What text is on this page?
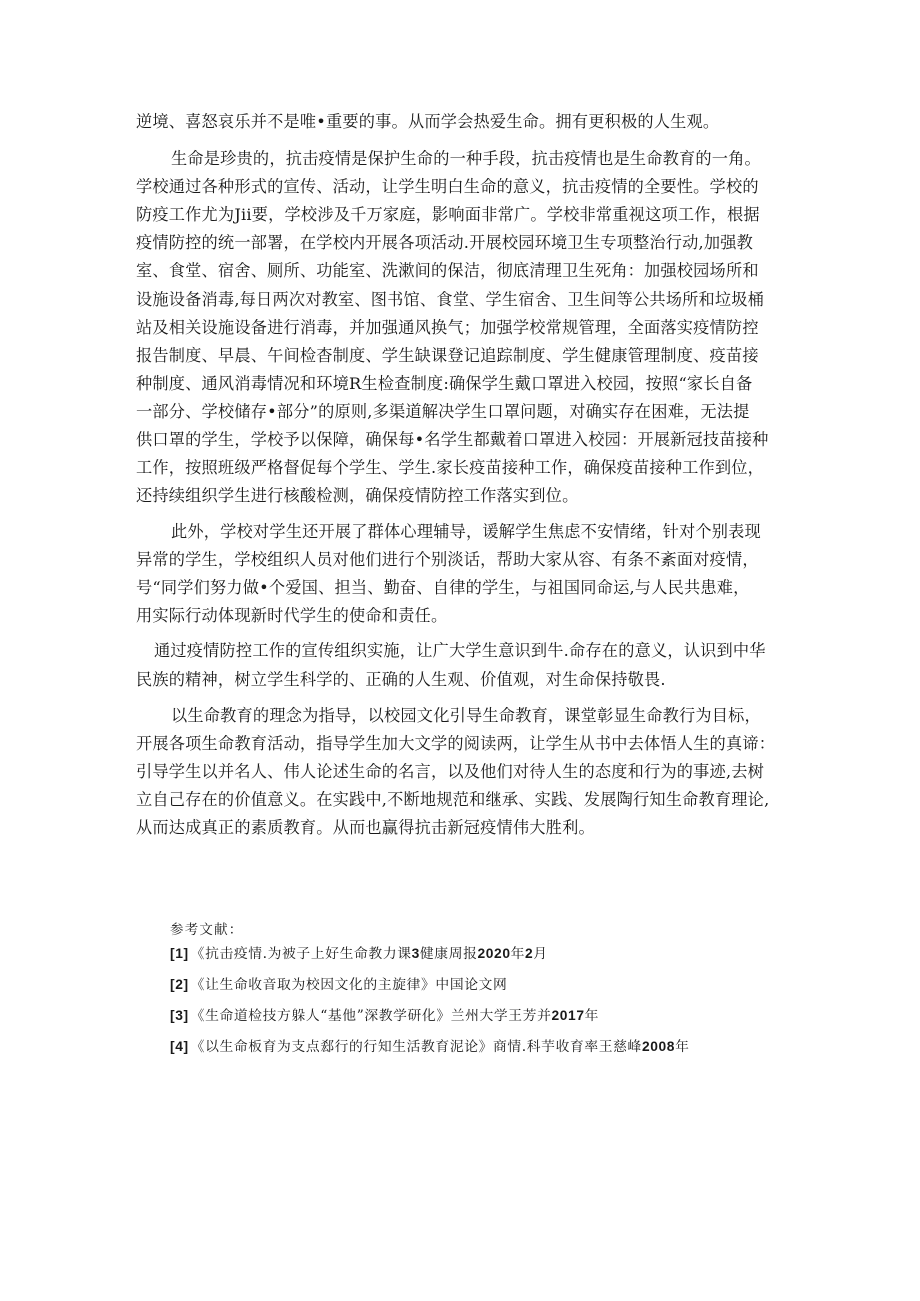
逆境、喜怒哀乐并不是唯•重要的事。从而学会热爱生命。拥有更积极的人生观。
生命是珍贵的，抗击疫情是保护生命的一种手段，抗击疫情也是生命教育的一角。
学校通过各种形式的宣传、活动，让学生明白生命的意义，抗击疫情的全要性。学校的
防疫工作尤为Jii要，学校涉及千万家庭，影响面非常广。学校非常重视这项工作，根据
疫情防控的统一部署，在学校内开展各项活动.开展校园环境卫生专项整治行动,加强教
室、食堂、宿舍、厕所、功能室、洗漱间的保洁，彻底清理卫生死角：加强校园场所和
设施设备消毒,每日两次对教室、图书馆、食堂、学生宿舍、卫生间等公共场所和垃圾桶
站及相关设施设备进行消毒，并加强通风换气；加强学校常规管理，全面落实疫情防控
报告制度、早晨、午间检杳制度、学生缺课登记追踪制度、学生健康管理制度、疫苗接
种制度、通风消毒情况和环境R生检查制度:确保学生戴口罩进入校园，按照“家长自备
一部分、学校储存•部分”的原则,多渠道解决学生口罩问题，对确实存在困难，无法提
供口罩的学生，学校予以保障，确保每•名学生都戴着口罩进入校园：开展新冠技苗接种
工作，按照班级严格督促每个学生、学生.家长疫苗接种工作，确保疫苗接种工作到位，
还持续组织学生进行核酸检测，确保疫情防控工作落实到位。
此外，学校对学生还开展了群体心理辅导，谖解学生焦虑不安情绪，针对个别表现
异常的学生，学校组织人员对他们进行个别淡话，帮助大家从容、有条不紊面对疫情，
号“同学们努力做•个爱国、担当、勤奋、自律的学生，与祖国同命运,与人民共患难，
用实际行动体现新时代学生的使命和责任。
通过疫情防控工作的宣传组织实施，让广大学生意识到牛.命存在的意义，认识到中华
民族的精神，树立学生科学的、正确的人生观、价值观，对生命保持敬畏.
以生命教育的理念为指导，以校园文化引导生命教育，课堂彰显生命教行为目标，
开展各项生命教育活动，指导学生加大文学的阅读两，让学生从书中去体悟人生的真谛：
引导学生以并名人、伟人论述生命的名言，以及他们对待人生的态度和行为的事迹,去树
立自己存在的价值意义。在实践中,不断地规范和继承、实践、发展陶行知生命教育理论,
从而达成真正的素质教育。从而也赢得抗击新冠疫情伟大胜利。
参考文献：
[1] 《抗击疫情.为被子上好生命教力课3健康周报2020年2月
[2] 《让生命收音取为校因文化的主旋律》中国论文网
[3] 《生命道检技方躲人“基他”深教学研化》兰州大学王芳并2017年
[4] 《以生命板育为支点郄行的行知生活教育泥论》商情.科芋收育率王慈峰2008年
